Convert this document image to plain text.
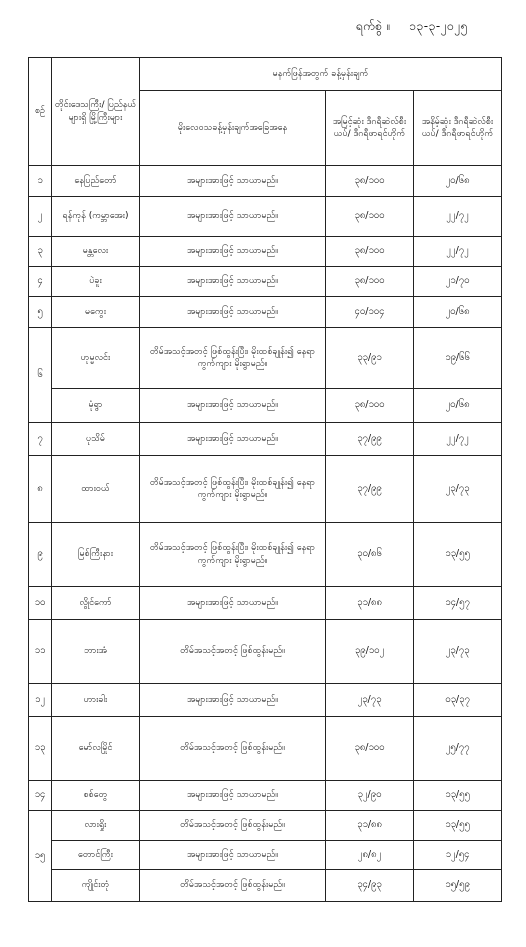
ရက်စွဲ ။ ၁၃-၃-၂၀၂၅
စဉ်	တိုင်းဒေသကြီး/ ပြည်နယ်များရှိ မြို့ကြီးများ	မနက်ဖြန်အတွက် ခန့်မှန်းချက်		
		မိုးလေဝသခန့်မှန်းချက်အခြေအနေ	အမြင့်ဆုံး ဒီဂရီဆဲလ်စီးယပ်/ ဒီဂရီဖာရင်ဟိုက်	အနိမ့်ဆုံး ဒီဂရီဆဲလ်စီးယပ်/ ဒီဂရီဖာရင်ဟိုက်
၁	နေပြည်တော်	အများအားဖြင့် သာယာမည်။	၃၈/၁၀၀	၂၀/၆၈
၂	ရန်ကုန် (ကမ္ဘာအေး)	အများအားဖြင့် သာယာမည်။	၃၈/၁၀၀	၂၂/၇၂
၃	မန္တလေး	အများအားဖြင့် သာယာမည်။	၃၈/၁၀၀	၂၂/၇၂
၄	ပဲခူး	အများအားဖြင့် သာယာမည်။	၃၈/၁၀၀	၂၁/၇၀
၅	မကွေး	အများအားဖြင့် သာယာမည်။	၄၀/၁၀၄	၂၀/၆၈
၆	ဟုမ္မလင်း	တိမ်အသင့်အတင့် ဖြစ်ထွန်းပြီး၊ မိုးထစ်ချုန်း၍ နေရာကွက်ကျား မိုးရွာမည်။	၃၃/၉၁	၁၉/၆၆
	မုံရွာ	အများအားဖြင့် သာယာမည်။	၃၈/၁၀၀	၂၀/၆၈
၇	ပုသိမ်	အများအားဖြင့် သာယာမည်။	၃၇/၉၉	၂၂/၇၂
၈	ထားဝယ်	တိမ်အသင့်အတင့် ဖြစ်ထွန်းပြီး၊ မိုးထစ်ချုန်း၍ နေရာကွက်ကျား မိုးရွာမည်။	၃၇/၉၉	၂၃/၇၃
၉	မြစ်ကြီးနား	တိမ်အသင့်အတင့် ဖြစ်ထွန်းပြီး၊ မိုးထစ်ချုန်း၍ နေရာကွက်ကျား မိုးရွာမည်။	၃၀/၈၆	၁၃/၅၅
၁၀	လွိုင်ကော်	အများအားဖြင့် သာယာမည်။	၃၁/၈၈	၁၄/၅၇
၁၁	ဘားအံ	တိမ်အသင့်အတင့် ဖြစ်ထွန်းမည်။	၃၉/၁၀၂	၂၃/၇၃
၁၂	ဟားခါး	အများအားဖြင့် သာယာမည်။	၂၃/၇၃	၀၃/၃၇
၁၃	မော်လမြိုင်	တိမ်အသင့်အတင့် ဖြစ်ထွန်းမည်။	၃၈/၁၀၀	၂၅/၇၇
၁၄	စစ်တွေ	အများအားဖြင့် သာယာမည်။	၃၂/၉၀	၁၃/၅၅
၁၅	လားရှိုး	တိမ်အသင့်အတင့် ဖြစ်ထွန်းမည်။	၃၁/၈၈	၁၃/၅၅
	တောင်ကြီး	အများအားဖြင့် သာယာမည်။	၂၈/၈၂	၁၂/၅၄
	ကျိုင်းတုံ	တိမ်အသင့်အတင့် ဖြစ်ထွန်းမည်။	၃၄/၉၃	၁၅/၅၉
